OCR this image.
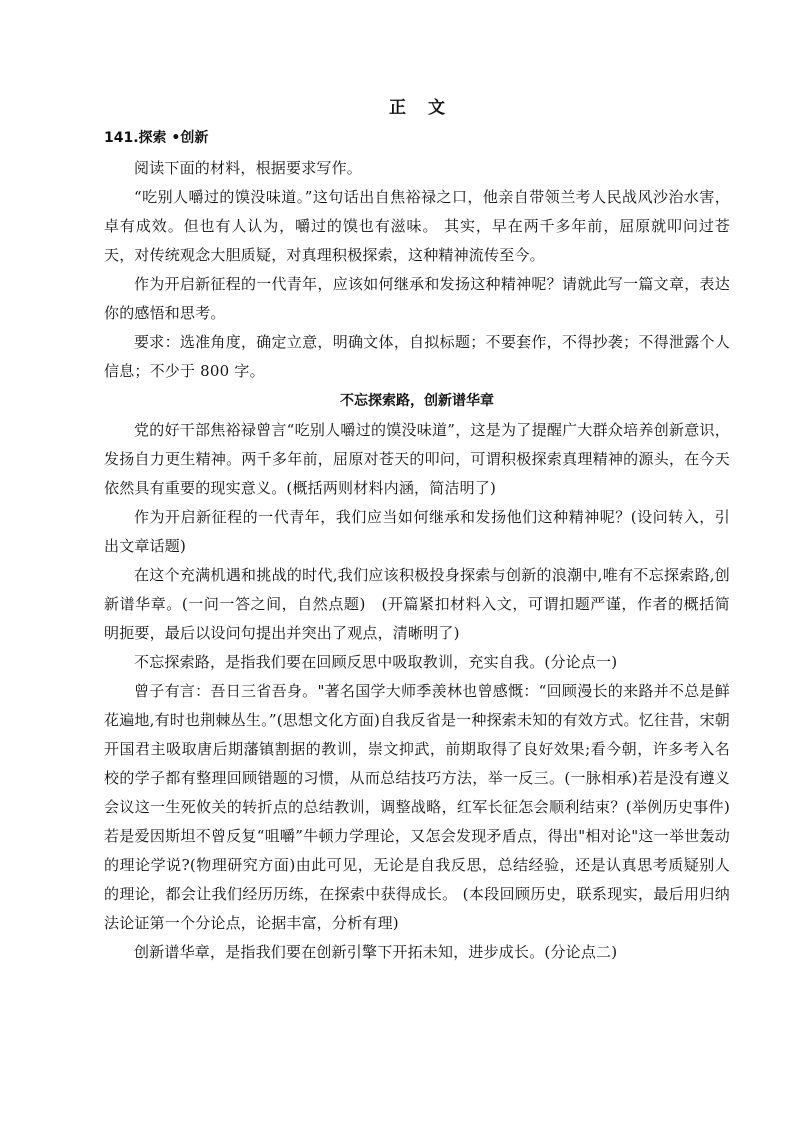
正 文
141.探索 •创新

阅读下面的材料，根据要求写作。

“吃别人嚼过的馍没味道。”这句话出自焦裕禄之口，他亲自带领兰考人民战风沙治水害，卓有成效。但也有人认为，嚼过的馍也有滋味。 其实，早在两千多年前，屈原就叩问过苍天，对传统观念大胆质疑，对真理积极探索，这种精神流传至今。

作为开启新征程的一代青年，应该如何继承和发扬这种精神呢？请就此写一篇文章，表达你的感悟和思考。

要求：选准角度，确定立意，明确文体，自拟标题；不要套作，不得抄袭；不得泄露个人信息；不少于 800 字。

不忘探索路，创新谱华章

党的好干部焦裕禄曾言“吃别人嚼过的馍没味道”，这是为了提醒广大群众培养创新意识，发扬自力更生精神。两千多年前，屈原对苍天的叩问，可谓积极探索真理精神的源头，在今天依然具有重要的现实意义。(概括两则材料内涵，简洁明了)

作为开启新征程的一代青年，我们应当如何继承和发扬他们这种精神呢？(设问转入，引出文章话题)

在这个充满机遇和挑战的时代,我们应该积极投身探索与创新的浪潮中,唯有不忘探索路,创新谱华章。(一问一答之间，自然点题)　(开篇紧扣材料入文，可谓扣题严谨，作者的概括简明扼要，最后以设问句提出并突出了观点，清晰明了)

不忘探索路，是指我们要在回顾反思中吸取教训，充实自我。(分论点一)

曾子有言：吾日三省吾身。"著名国学大师季羡林也曾感慨：“回顾漫长的来路并不总是鲜花遍地,有时也荆棘丛生。”(思想文化方面)自我反省是一种探索未知的有效方式。忆往昔，宋朝开国君主吸取唐后期藩镇割据的教训，崇文抑武，前期取得了良好效果;看今朝，许多考入名校的学子都有整理回顾错题的习惯，从而总结技巧方法，举一反三。(一脉相承)若是没有遵义会议这一生死攸关的转折点的总结教训，调整战略，红军长征怎会顺利结束？(举例历史事件)若是爱因斯坦不曾反复“咀嚼”牛顿力学理论，又怎会发现矛盾点，得出"相对论"这一举世轰动的理论学说?(物理研究方面)由此可见，无论是自我反思，总结经验，还是认真思考质疑别人的理论，都会让我们经历历练，在探索中获得成长。 (本段回顾历史，联系现实，最后用归纳法论证第一个分论点，论据丰富，分析有理)

创新谱华章，是指我们要在创新引擎下开拓未知，进步成长。(分论点二)
